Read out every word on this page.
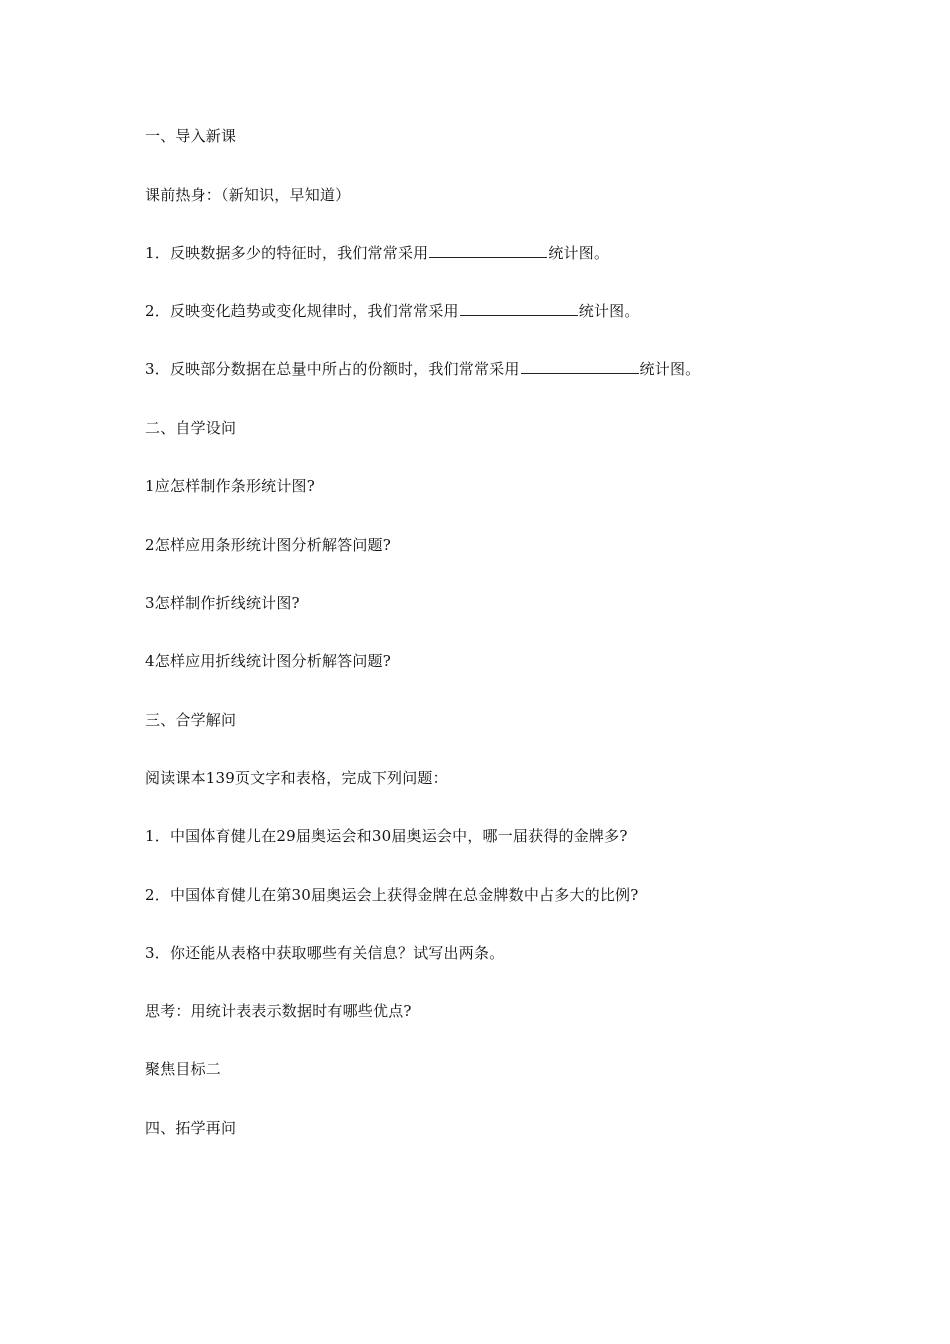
一、导入新课
课前热身：（新知识，早知道）
1．反映数据多少的特征时，我们常常采用	统计图。
2．反映变化趋势或变化规律时，我们常常采用	统计图。
3．反映部分数据在总量中所占的份额时，我们常常采用	统计图。
二、自学设问
1应怎样制作条形统计图?
2怎样应用条形统计图分析解答问题?
3怎样制作折线统计图?
4怎样应用折线统计图分析解答问题?
三、合学解问
阅读课本139页文字和表格，完成下列问题：
1．中国体育健儿在29届奥运会和30届奥运会中，哪一届获得的金牌多?
2．中国体育健儿在第30届奥运会上获得金牌在总金牌数中占多大的比例?
3．你还能从表格中获取哪些有关信息？试写出两条。
思考：用统计表表示数据时有哪些优点?
聚焦目标二
四、拓学再问
